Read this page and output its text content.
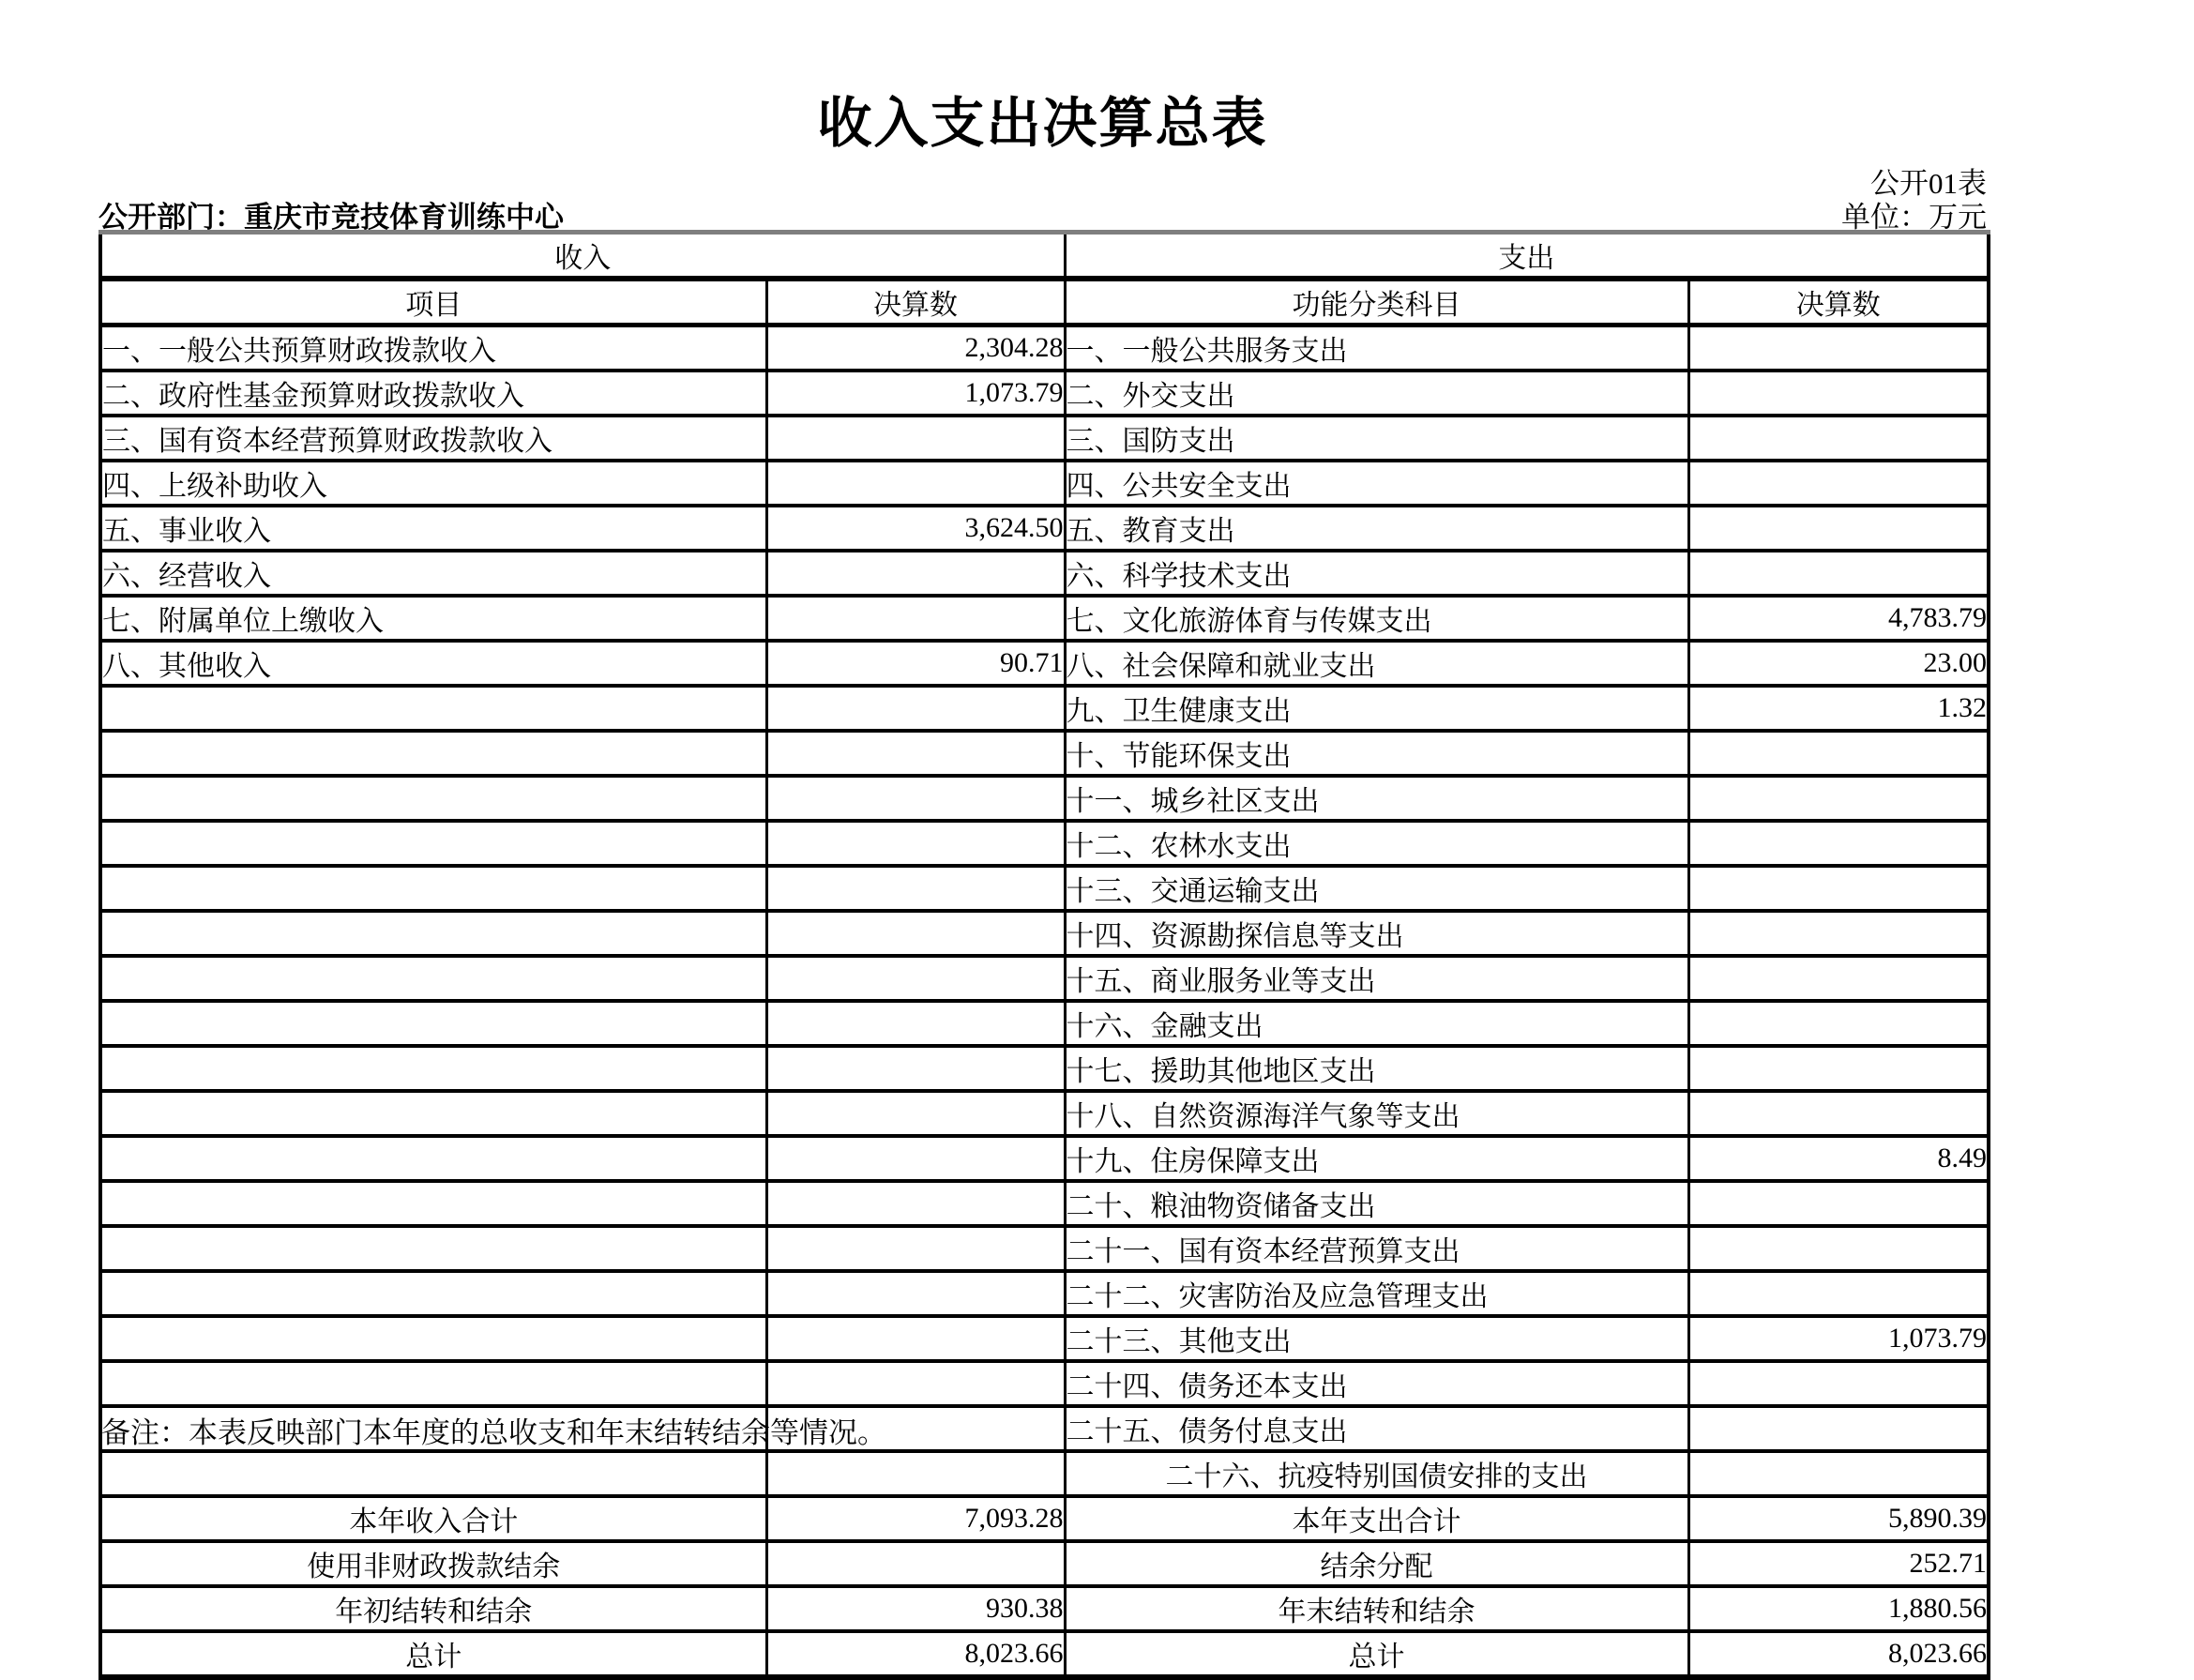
收入支出决算总表
公开01表
公开部门：重庆市竞技体育训练中心	单位：万元
收入		支出	
项目	决算数	功能分类科目	决算数
一、一般公共预算财政拨款收入	2,304.28	一、一般公共服务支出	
二、政府性基金预算财政拨款收入	1,073.79	二、外交支出	
三、国有资本经营预算财政拨款收入		三、国防支出	
四、上级补助收入		四、公共安全支出	
五、事业收入	3,624.50	五、教育支出	
六、经营收入		六、科学技术支出	
七、附属单位上缴收入		七、文化旅游体育与传媒支出	4,783.79
八、其他收入	90.71	八、社会保障和就业支出	23.00
		九、卫生健康支出	1.32
		十、节能环保支出	
		十一、城乡社区支出	
		十二、农林水支出	
		十三、交通运输支出	
		十四、资源勘探信息等支出	
		十五、商业服务业等支出	
		十六、金融支出	
		十七、援助其他地区支出	
		十八、自然资源海洋气象等支出	
		十九、住房保障支出	8.49
		二十、粮油物资储备支出	
		二十一、国有资本经营预算支出	
		二十二、灾害防治及应急管理支出	
		二十三、其他支出	1,073.79
		二十四、债务还本支出	
		二十五、债务付息支出	
		二十六、抗疫特别国债安排的支出	
本年收入合计	7,093.28	本年支出合计	5,890.39
使用非财政拨款结余		结余分配	252.71
年初结转和结余	930.38	年末结转和结余	1,880.56
总计	8,023.66	总计	8,023.66
备注：本表反映部门本年度的总收支和年末结转结余等情况。
